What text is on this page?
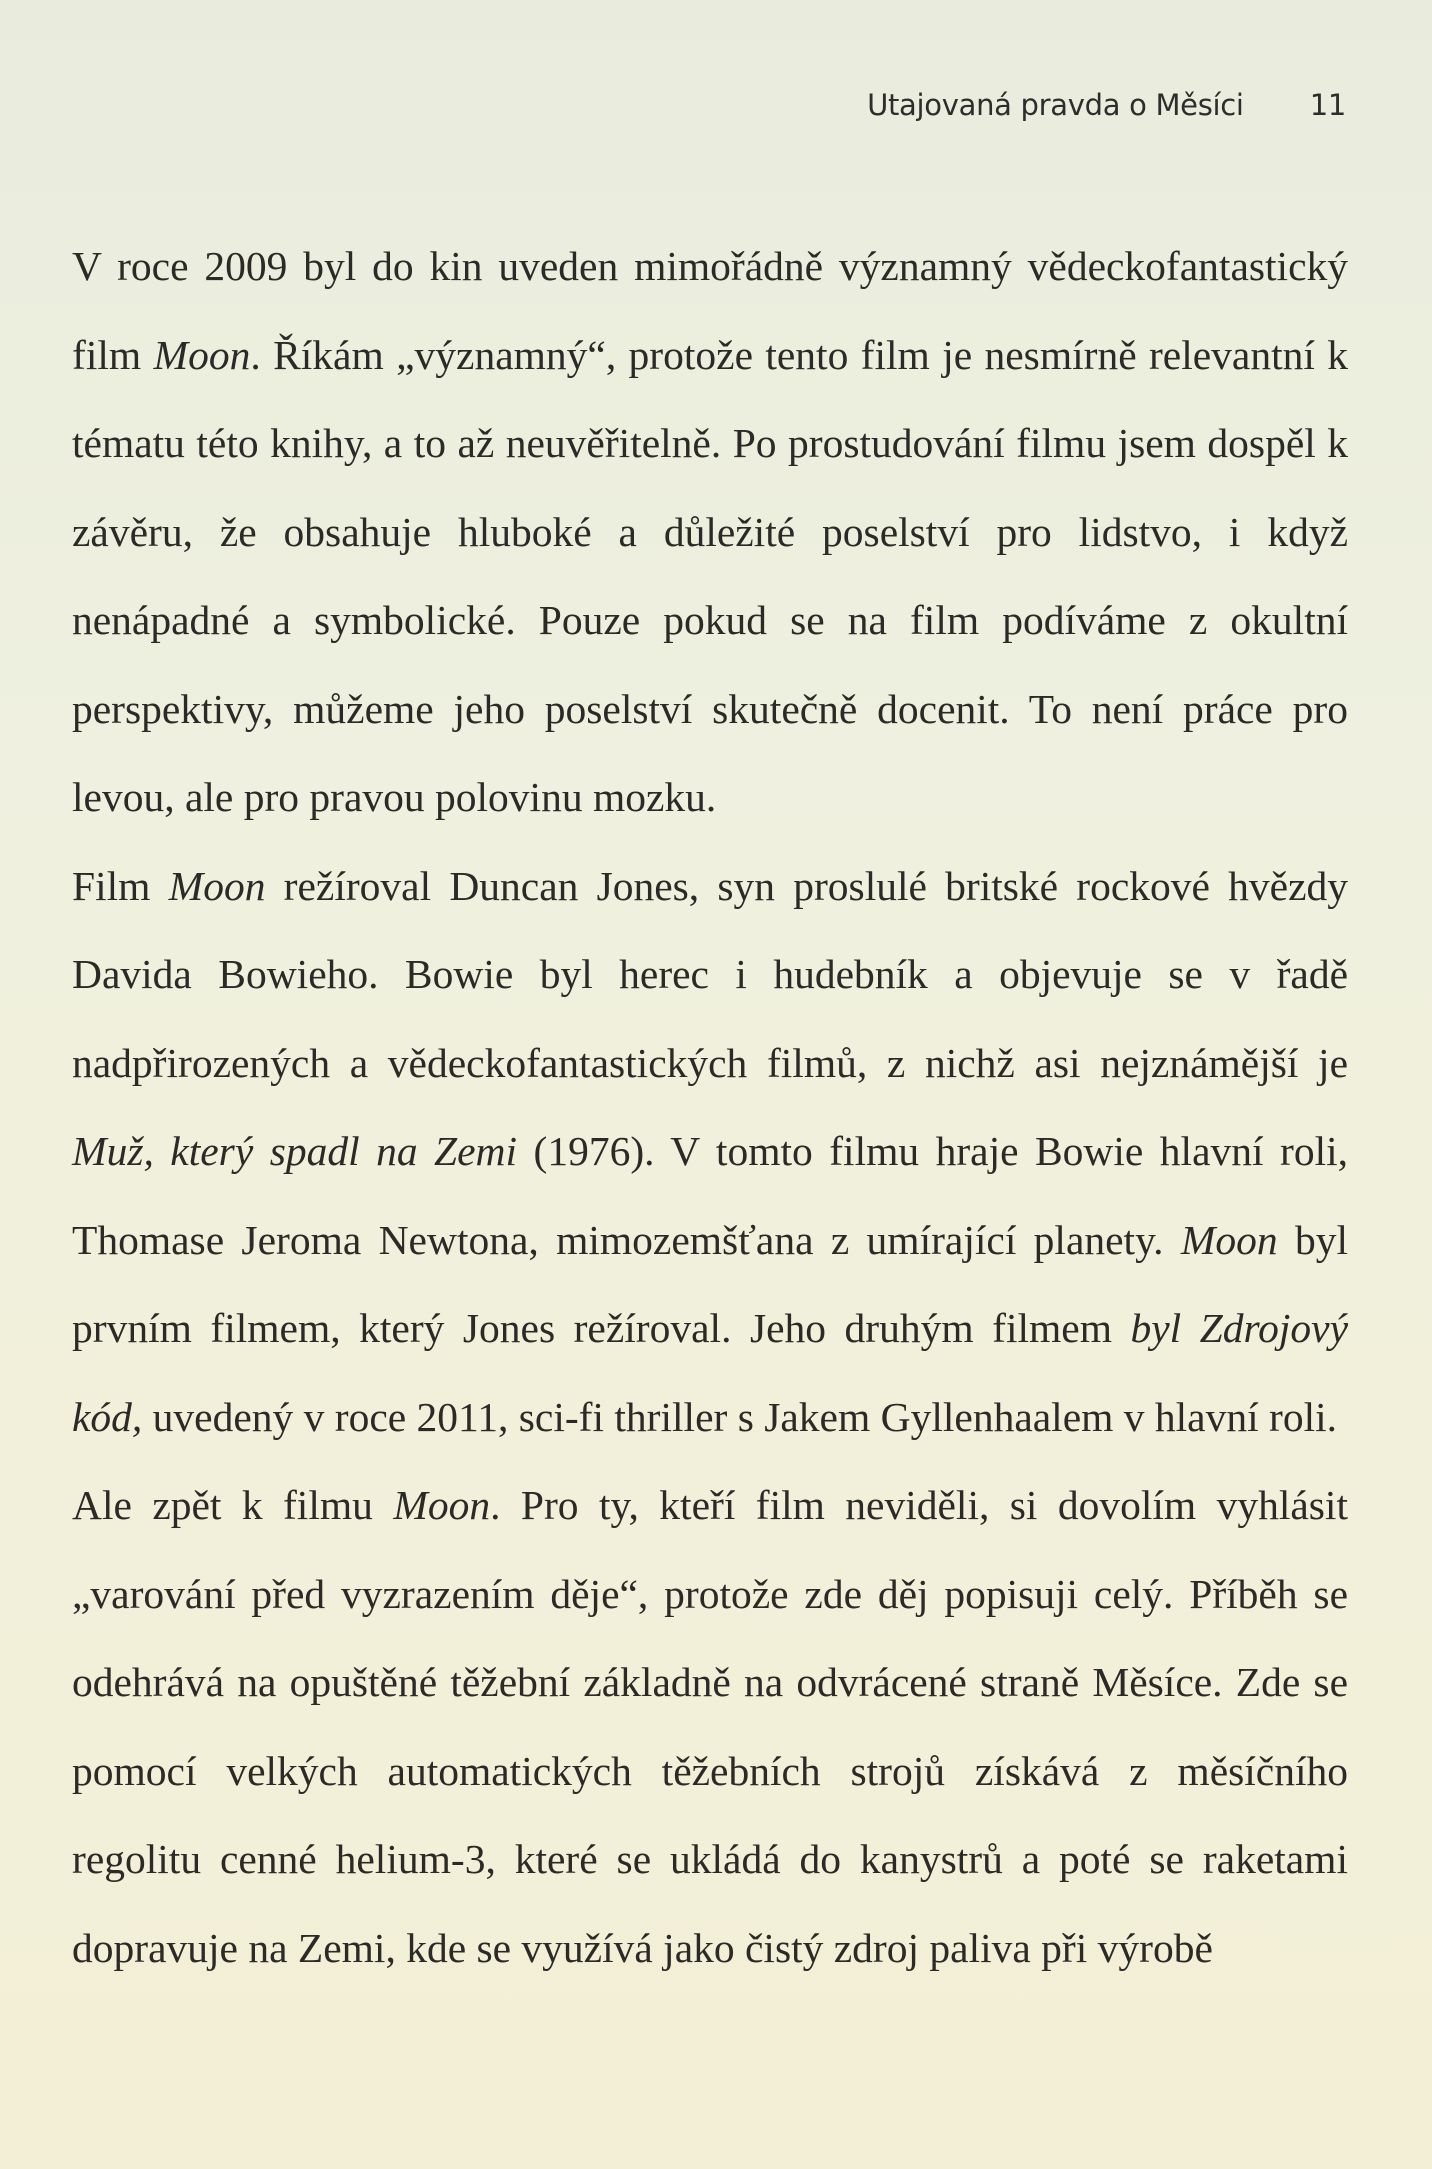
Utajovaná pravda o Měsíci 11

V roce 2009 byl do kin uveden mimořádně významný vědeckofantastický film Moon. Říkám „významný“, protože tento film je nesmírně relevantní k tématu této knihy, a to až neuvěřitelně. Po prostudování filmu jsem dospěl k závěru, že obsahuje hluboké a důležité poselství pro lidstvo, i když nenápadné a symbolické. Pouze pokud se na film podíváme z okultní perspektivy, můžeme jeho poselství skutečně docenit. To není práce pro levou, ale pro pravou polovinu mozku.

Film Moon režíroval Duncan Jones, syn proslulé britské rockové hvězdy Davida Bowieho. Bowie byl herec i hudebník a objevuje se v řadě nadpřirozených a vědeckofantastických filmů, z nichž asi nejznámější je Muž, který spadl na Zemi (1976). V tomto filmu hraje Bowie hlavní roli, Thomase Jeroma Newtona, mimozemšťana z umírající planety. Moon byl prvním filmem, který Jones režíroval. Jeho druhým filmem byl Zdrojový kód, uvedený v roce 2011, sci-fi thriller s Jakem Gyllenhaalem v hlavní roli.

Ale zpět k filmu Moon. Pro ty, kteří film neviděli, si dovolím vyhlásit „varování před vyzrazením děje“, protože zde děj popisuji celý. Příběh se odehrává na opuštěné těžební základně na odvrácené straně Měsíce. Zde se pomocí velkých automatických těžebních strojů získává z měsíčního regolitu cenné helium-3, které se ukládá do kanystrů a poté se raketami dopravuje na Zemi, kde se využívá jako čistý zdroj paliva při výrobě
